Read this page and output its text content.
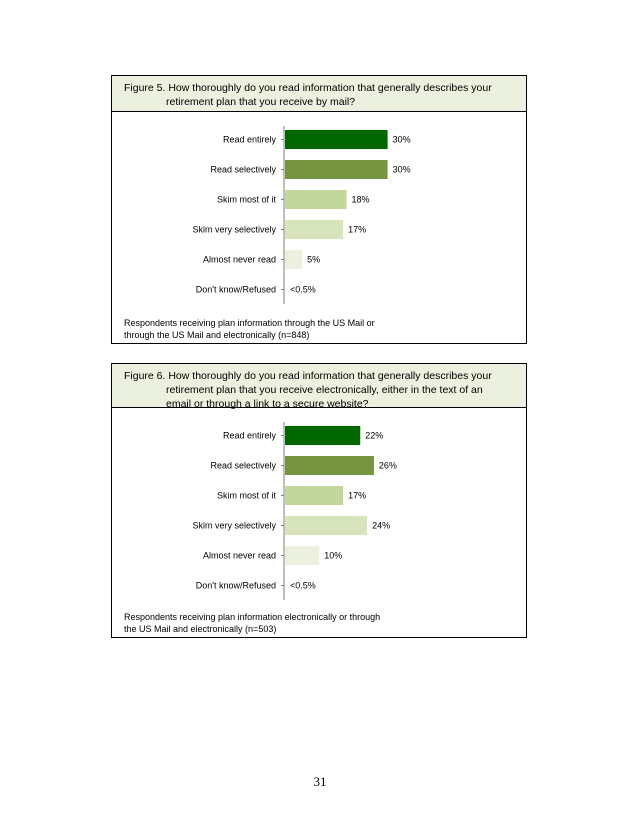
Figure 5. How thoroughly do you read information that generally describes your
retirement plan that you receive by mail?
Read entirely	30%
Read selectively	30%
Skim most of it	18%
Skim very selectively	17%
Almost never read	5%
Don't know/Refused <0.5%
Respondents receiving plan information through the US Mail or
through the US Mail and electronically (n=848)
Figure 6. How thoroughly do you read information that generally describes your
retirement plan that you receive electronically, either in the text of an
email or through a link to a secure website?
Read entirely	22%
Read selectively	26%
Skim most of it	17%
Skim very selectively	24%
Almost never read	10%
Don't know/Refused <0.5%
Respondents receiving plan information electronically or through
the US Mail and electronically (n=503)
31
